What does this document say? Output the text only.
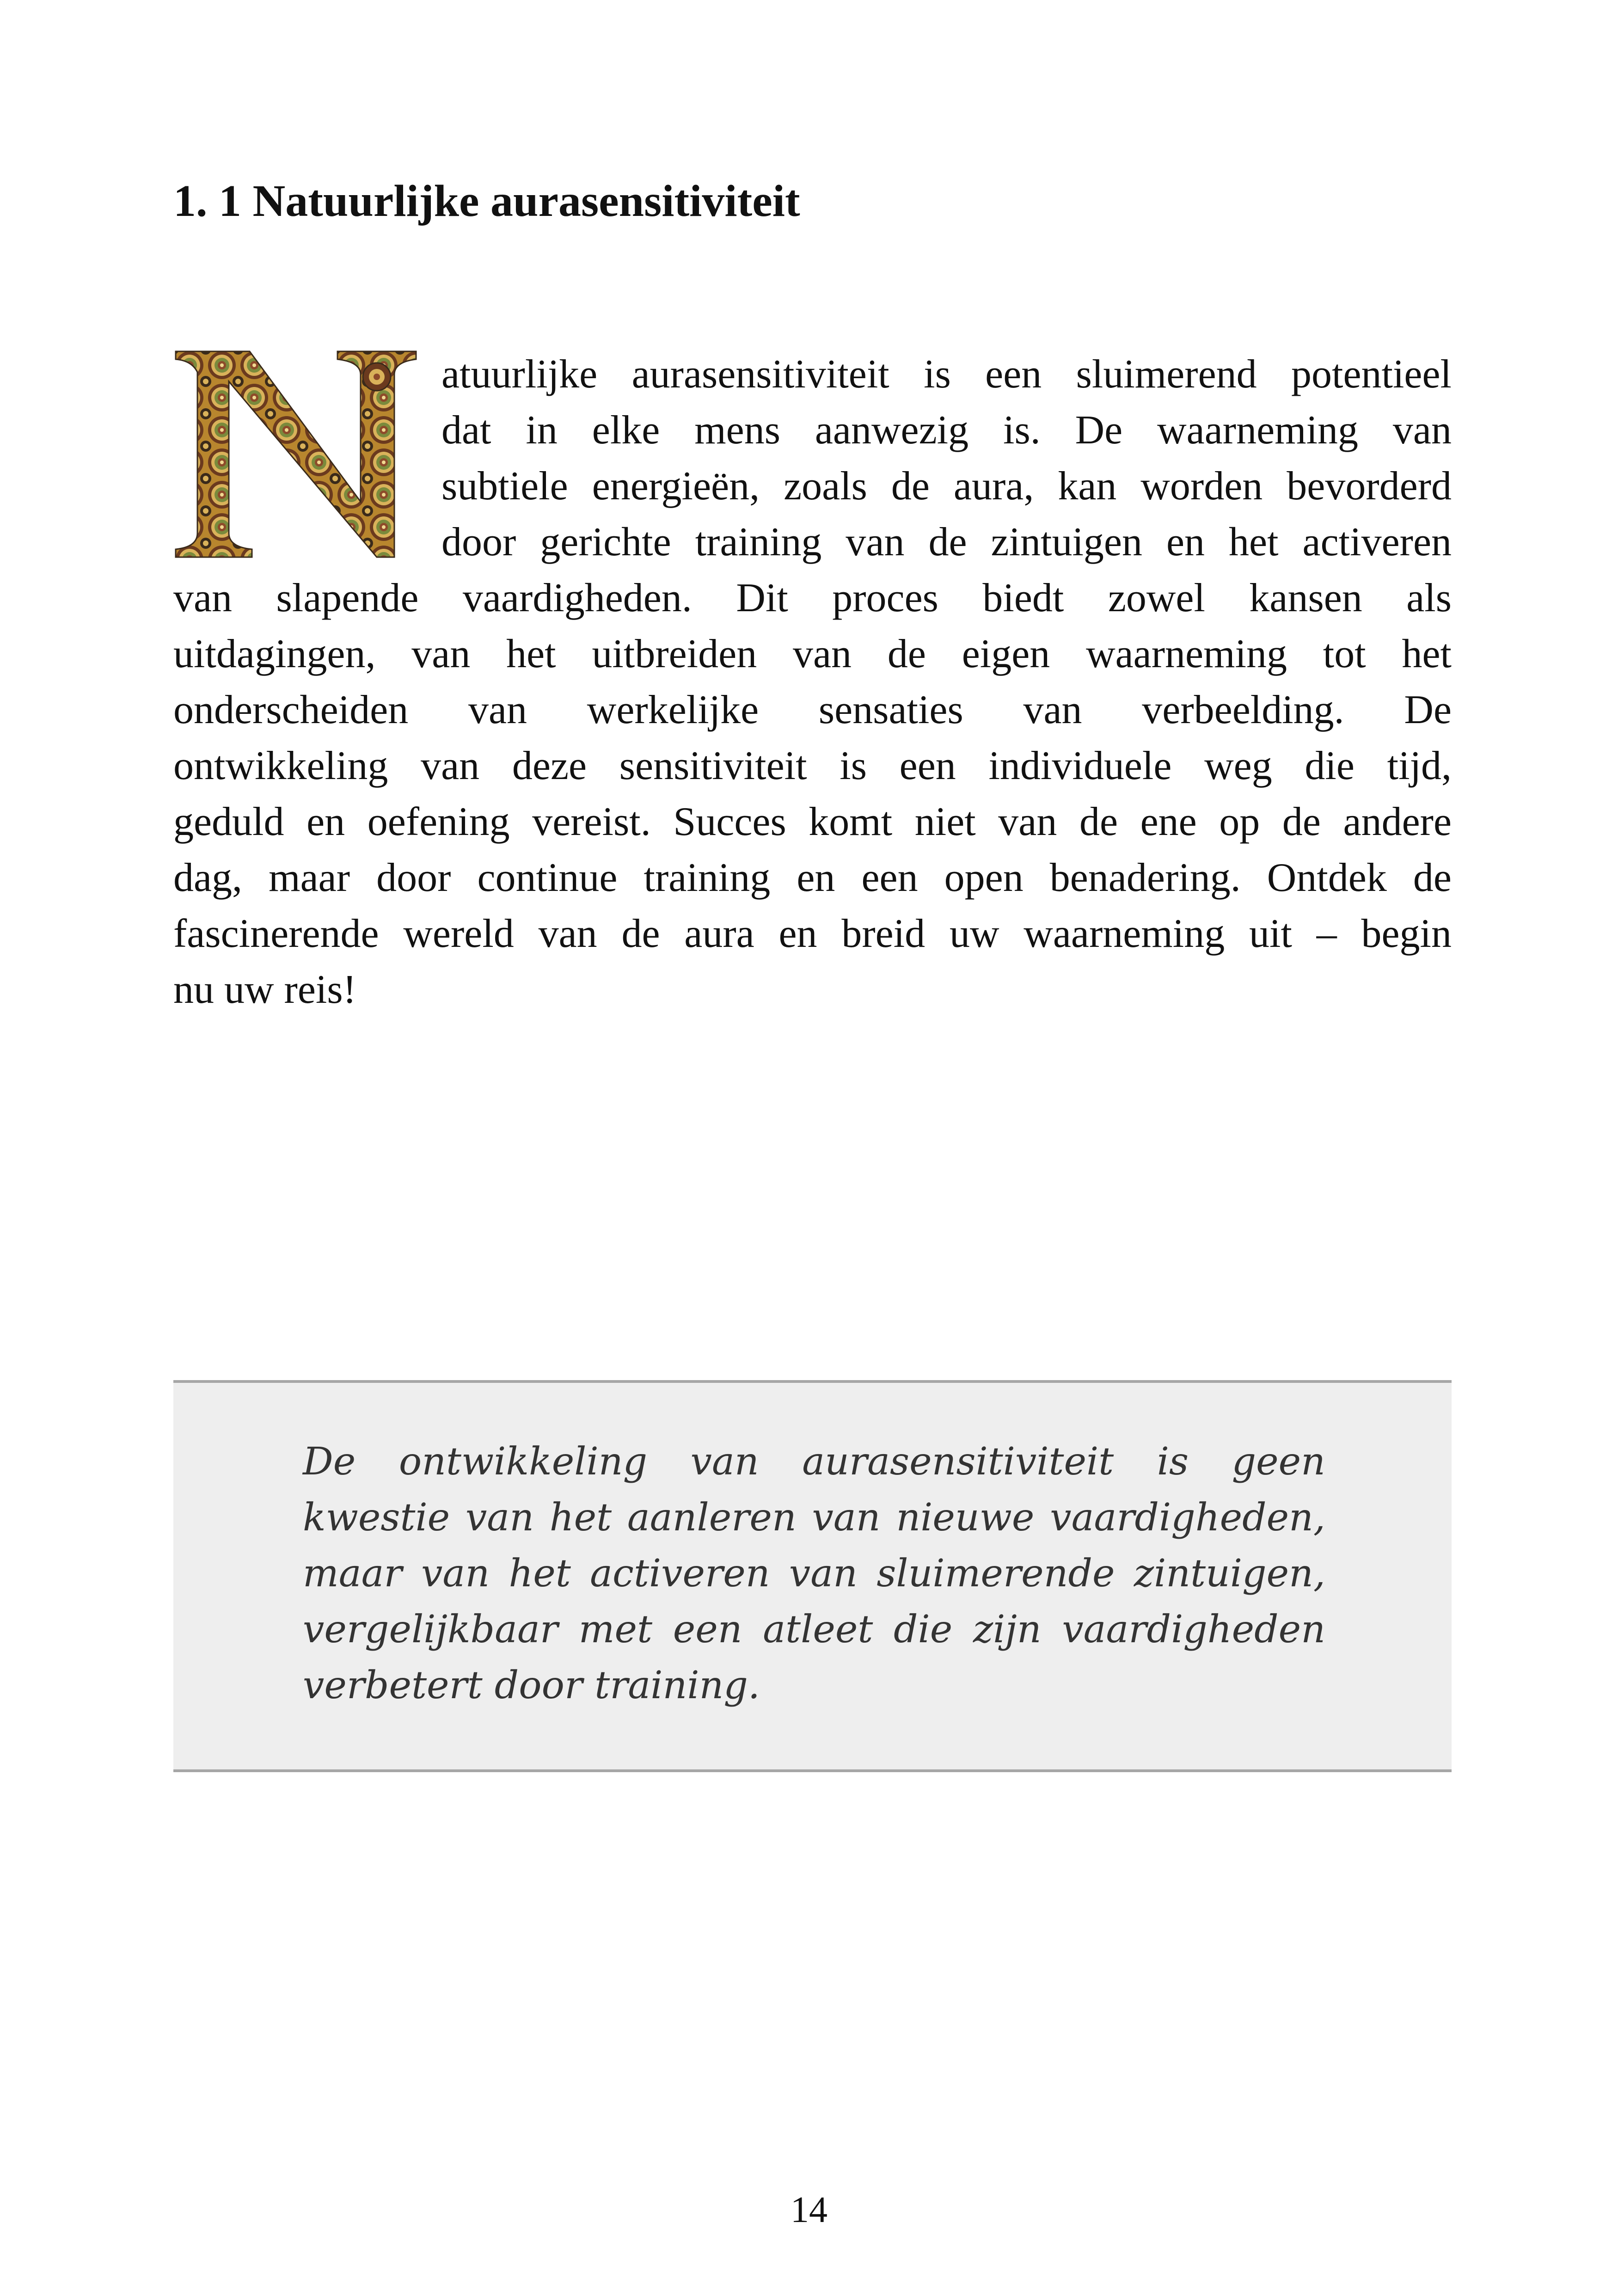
1. 1 Natuurlijke aurasensitiviteit

atuurlijke aurasensitiviteit is een sluimerend potentieel

dat in elke mens aanwezig is. De waarneming van

subtiele energieën, zoals de aura, kan worden bevorderd

door gerichte training van de zintuigen en het activeren

van slapende vaardigheden. Dit proces biedt zowel kansen als

uitdagingen, van het uitbreiden van de eigen waarneming tot het

onderscheiden van werkelijke sensaties van verbeelding. De

ontwikkeling van deze sensitiviteit is een individuele weg die tijd,

geduld en oefening vereist. Succes komt niet van de ene op de andere

dag, maar door continue training en een open benadering. Ontdek de

fascinerende wereld van de aura en breid uw waarneming uit – begin

nu uw reis!

De ontwikkeling van aurasensitiviteit is geen

kwestie van het aanleren van nieuwe vaardigheden,

maar van het activeren van sluimerende zintuigen,

vergelijkbaar met een atleet die zijn vaardigheden

verbetert door training.

14
